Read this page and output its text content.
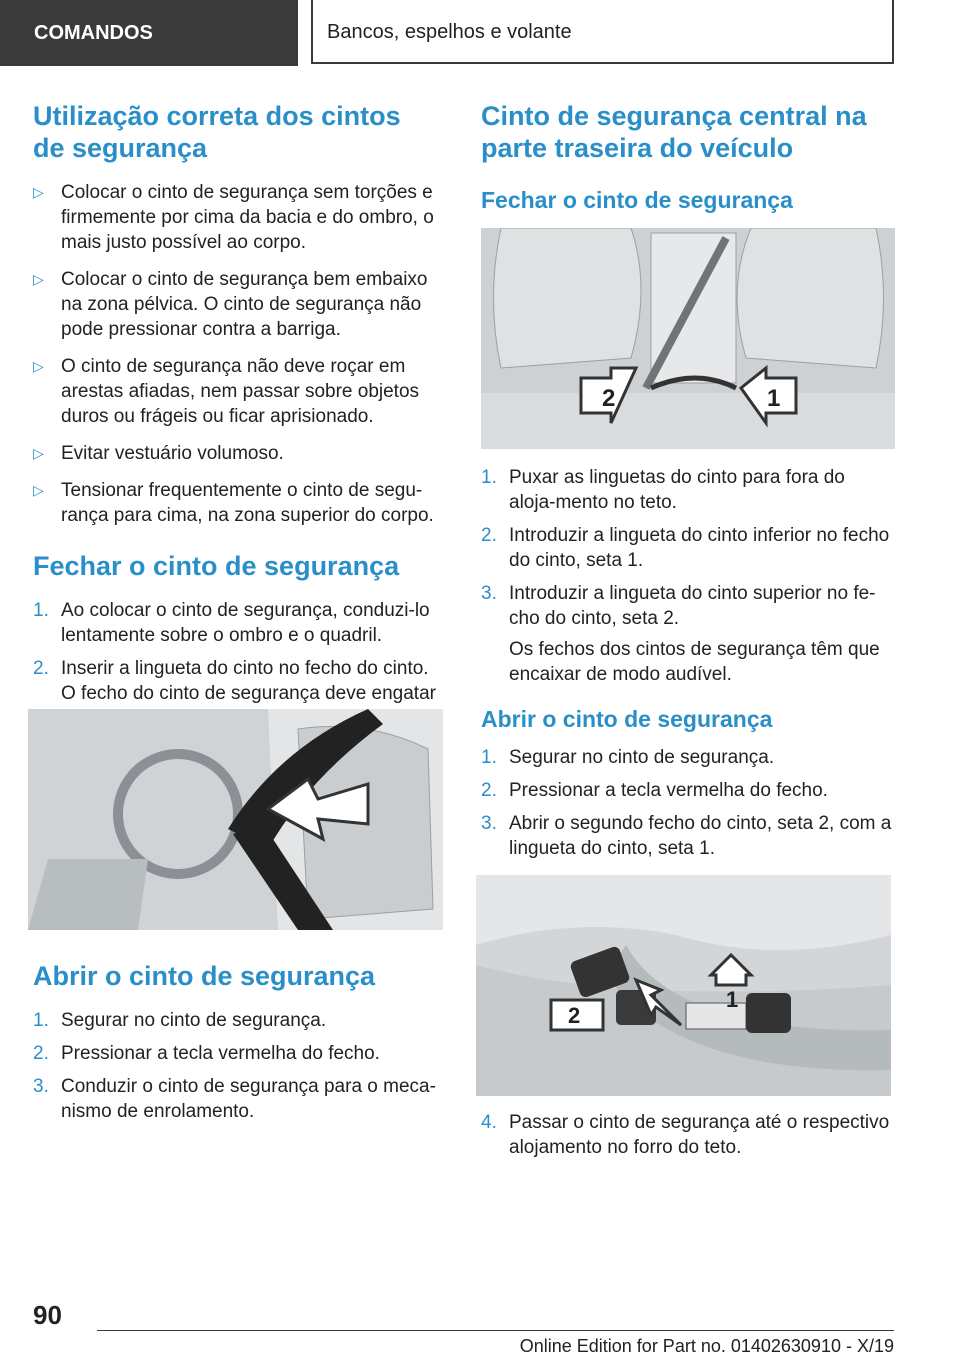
COMANDOS	Bancos, espelhos e volante
Utilização correta dos cintos de segurança
▷ Colocar o cinto de segurança sem torções e firmemente por cima da bacia e do ombro, o mais justo possível ao corpo.
▷ Colocar o cinto de segurança bem embaixo na zona pélvica. O cinto de segurança não pode pressionar contra a barriga.
▷ O cinto de segurança não deve roçar em arestas afiadas, nem passar sobre objetos duros ou frágeis ou ficar aprisionado.
▷ Evitar vestuário volumoso.
▷ Tensionar frequentemente o cinto de segu‐rança para cima, na zona superior do corpo.
Fechar o cinto de segurança
1. Ao colocar o cinto de segurança, conduzi-lo lentamente sobre o ombro e o quadril.
2. Inserir a lingueta do cinto no fecho do cinto. O fecho do cinto de segurança deve engatar
Abrir o cinto de segurança
1. Segurar no cinto de segurança.
2. Pressionar a tecla vermelha do fecho.
3. Conduzir o cinto de segurança para o meca‐nismo de enrolamento.
Cinto de segurança central na parte traseira do veículo
Fechar o cinto de segurança
2	1
1. Puxar as linguetas do cinto para fora do aloja‐mento no teto.
2. Introduzir a lingueta do cinto inferior no fecho do cinto, seta 1.
3. Introduzir a lingueta do cinto superior no fe‐cho do cinto, seta 2.
Os fechos dos cintos de segurança têm que encaixar de modo audível.
Abrir o cinto de segurança
1. Segurar no cinto de segurança.
2. Pressionar a tecla vermelha do fecho.
3. Abrir o segundo fecho do cinto, seta 2, com a lingueta do cinto, seta 1.
2
1
4. Passar o cinto de segurança até o respectivo alojamento no forro do teto.
90
Online Edition for Part no. 01402630910 - X/19
